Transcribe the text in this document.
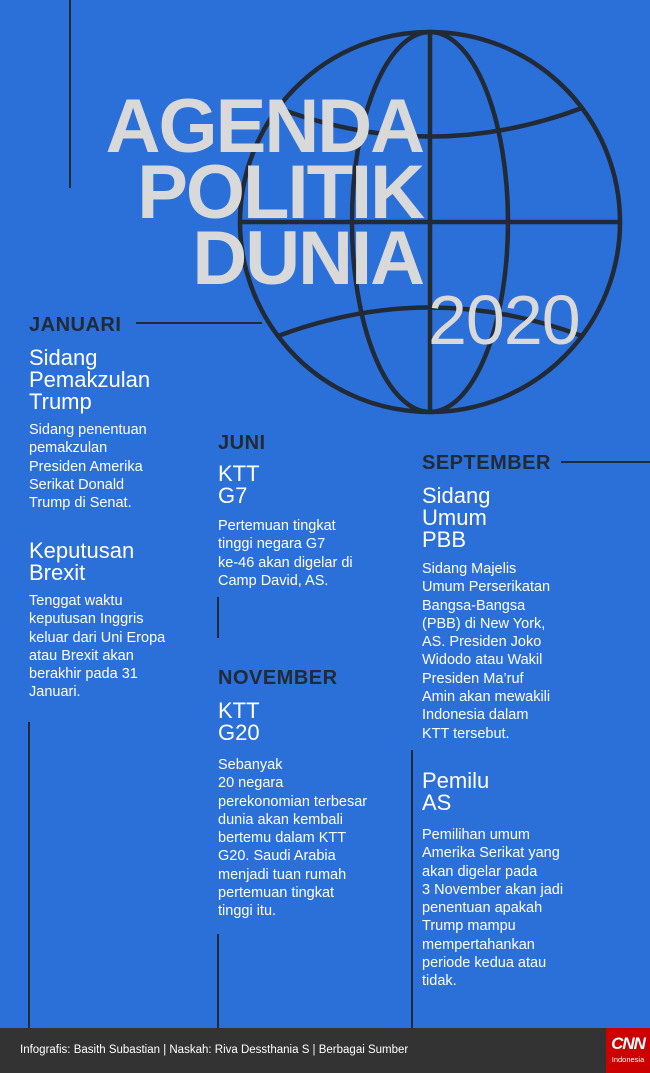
AGENDA
POLITIK
DUNIA
2020
JANUARI
Sidang
Pemakzulan
Trump
Sidang penentuan
pemakzulan
Presiden Amerika
Serikat Donald
Trump di Senat.
Keputusan
Brexit
Tenggat waktu
keputusan Inggris
keluar dari Uni Eropa
atau Brexit akan
berakhir pada 31
Januari.
JUNI
KTT
G7
Pertemuan tingkat
tinggi negara G7
ke-46 akan digelar di
Camp David, AS.
NOVEMBER
KTT
G20
Sebanyak
20 negara
perekonomian terbesar
dunia akan kembali
bertemu dalam KTT
G20. Saudi Arabia
menjadi tuan rumah
pertemuan tingkat
tinggi itu.
SEPTEMBER
Sidang
Umum
PBB
Sidang Majelis
Umum Perserikatan
Bangsa-Bangsa
(PBB) di New York,
AS. Presiden Joko
Widodo atau Wakil
Presiden Ma’ruf
Amin akan mewakili
Indonesia dalam
KTT tersebut.
Pemilu
AS
Pemilihan umum
Amerika Serikat yang
akan digelar pada
3 November akan jadi
penentuan apakah
Trump mampu
mempertahankan
periode kedua atau
tidak.
Infografis: Basith Subastian | Naskah: Riva Dessthania S | Berbagai Sumber	CNN
Indonesia
